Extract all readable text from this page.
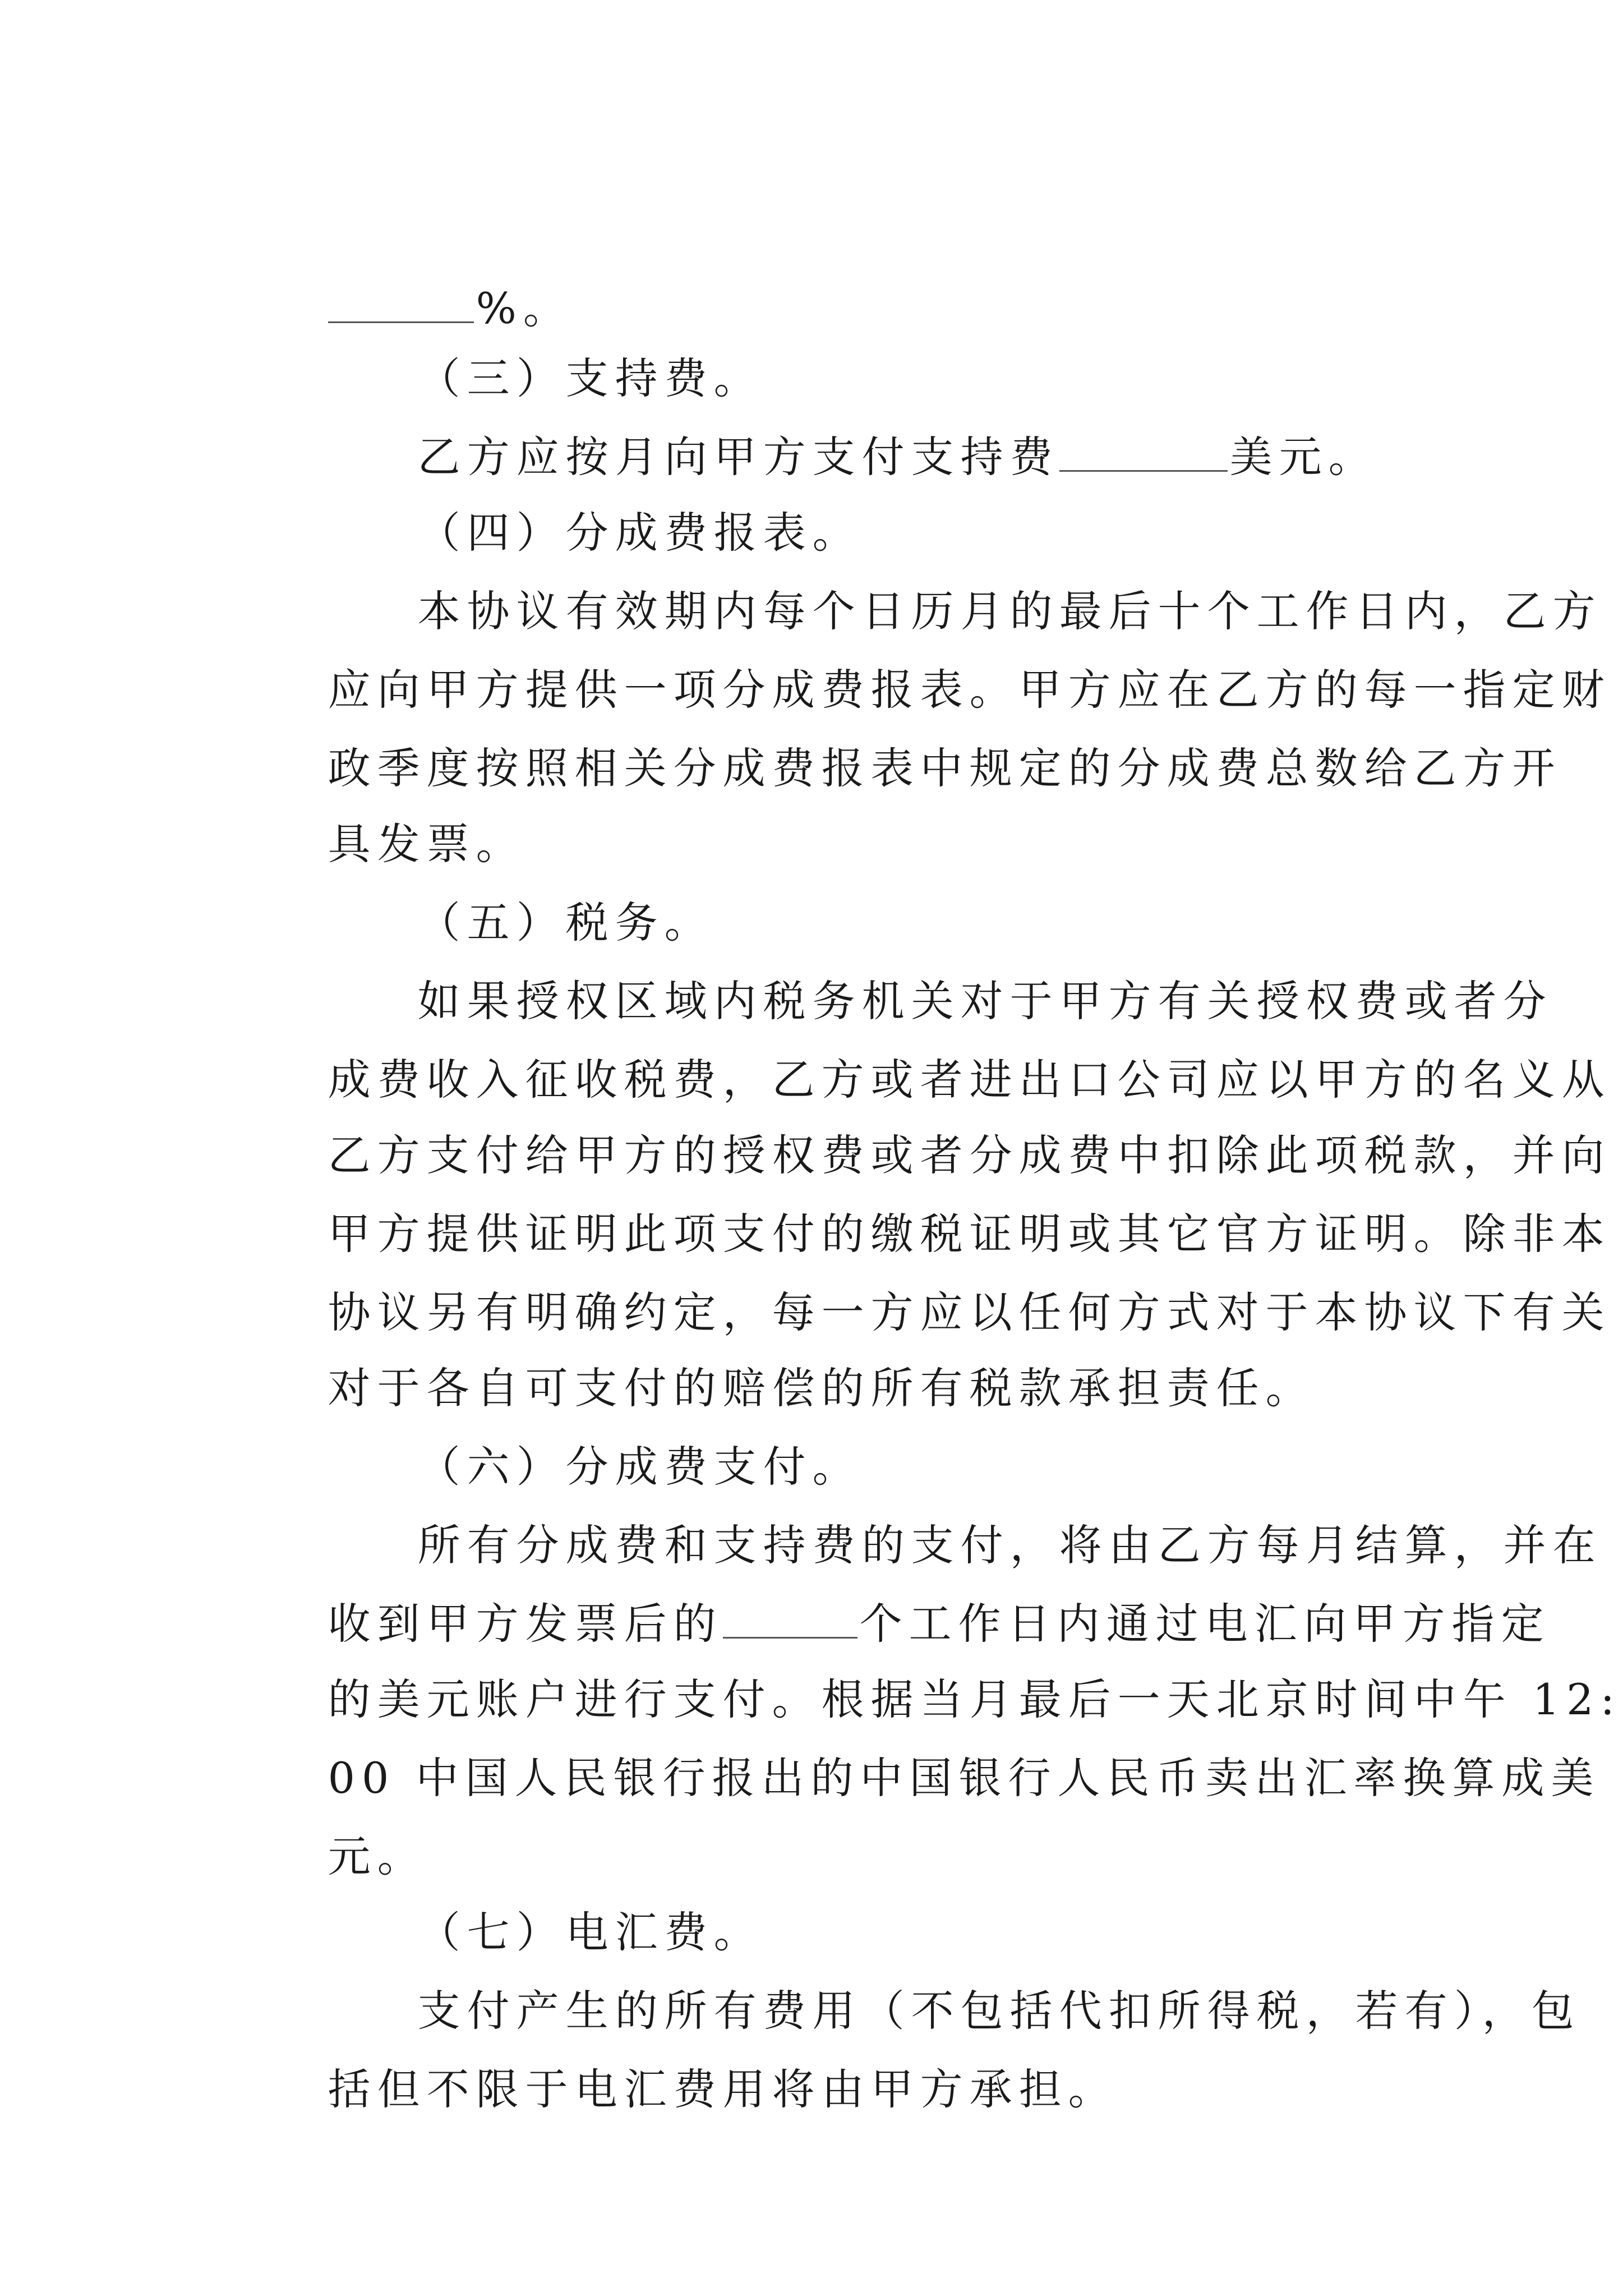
%。

（三）支持费。

乙方应按月向甲方支付支持费	美元。

（四）分成费报表。

本协议有效期内每个日历月的最后十个工作日内，乙方

应向甲方提供一项分成费报表。甲方应在乙方的每一指定财

政季度按照相关分成费报表中规定的分成费总数给乙方开

具发票。

（五）税务。

如果授权区域内税务机关对于甲方有关授权费或者分

成费收入征收税费，乙方或者进出口公司应以甲方的名义从

乙方支付给甲方的授权费或者分成费中扣除此项税款，并向

甲方提供证明此项支付的缴税证明或其它官方证明。除非本

协议另有明确约定，每一方应以任何方式对于本协议下有关

对于各自可支付的赔偿的所有税款承担责任。

（六）分成费支付。

所有分成费和支持费的支付，将由乙方每月结算，并在

收到甲方发票后的	个工作日内通过电汇向甲方指定

的美元账户进行支付。根据当月最后一天北京时间中午 12:

00 中国人民银行报出的中国银行人民币卖出汇率换算成美

元。

（七）电汇费。

支付产生的所有费用（不包括代扣所得税，若有），包

括但不限于电汇费用将由甲方承担。
